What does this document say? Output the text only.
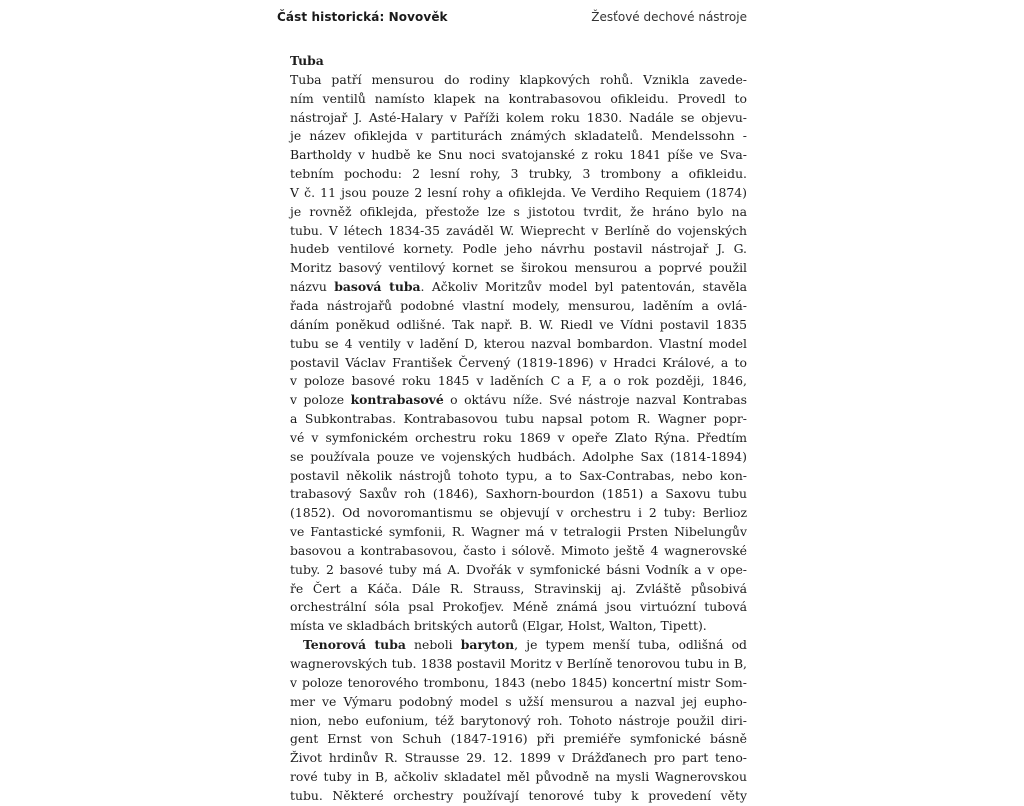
Část historická: Novověk	Žesťové dechové nástroje
Tuba
Tuba patří mensurou do rodiny klapkových rohů. Vznikla zavede-
ním ventilů namísto klapek na kontrabasovou ofikleidu. Provedl to
nástrojař J. Asté-Halary v Paříži kolem roku 1830. Nadále se objevu-
je název ofiklejda v partiturách známých skladatelů. Mendelssohn -
Bartholdy v hudbě ke Snu noci svatojanské z roku 1841 píše ve Sva-
tebním pochodu: 2 lesní rohy, 3 trubky, 3 trombony a ofikleidu.
V č. 11 jsou pouze 2 lesní rohy a ofiklejda. Ve Verdiho Requiem (1874)
je rovněž ofiklejda, přestože lze s jistotou tvrdit, že hráno bylo na
tubu. V létech 1834-35 zaváděl W. Wieprecht v Berlíně do vojenských
hudeb ventilové kornety. Podle jeho návrhu postavil nástrojař J. G.
Moritz basový ventilový kornet se širokou mensurou a poprvé použil
názvu basová tuba. Ačkoliv Moritzův model byl patentován, stavěla
řada nástrojařů podobné vlastní modely, mensurou, laděním a ovlá-
dáním poněkud odlišné. Tak např. B. W. Riedl ve Vídni postavil 1835
tubu se 4 ventily v ladění D, kterou nazval bombardon. Vlastní model
postavil Václav František Červený (1819-1896) v Hradci Králové, a to
v poloze basové roku 1845 v laděních C a F, a o rok později, 1846,
v poloze kontrabasové o oktávu níže. Své nástroje nazval Kontrabas
a Subkontrabas. Kontrabasovou tubu napsal potom R. Wagner popr-
vé v symfonickém orchestru roku 1869 v opeře Zlato Rýna. Předtím
se používala pouze ve vojenských hudbách. Adolphe Sax (1814-1894)
postavil několik nástrojů tohoto typu, a to Sax-Contrabas, nebo kon-
trabasový Saxův roh (1846), Saxhorn-bourdon (1851) a Saxovu tubu
(1852). Od novoromantismu se objevují v orchestru i 2 tuby: Berlioz
ve Fantastické symfonii, R. Wagner má v tetralogii Prsten Nibelungův
basovou a kontrabasovou, často i sólově. Mimoto ještě 4 wagnerovské
tuby. 2 basové tuby má A. Dvořák v symfonické básni Vodník a v ope-
ře Čert a Káča. Dále R. Strauss, Stravinskij aj. Zvláště působivá
orchestrální sóla psal Prokofjev. Méně známá jsou virtuózní tubová
místa ve skladbách britských autorů (Elgar, Holst, Walton, Tipett).
Tenorová tuba neboli baryton, je typem menší tuba, odlišná od
wagnerovských tub. 1838 postavil Moritz v Berlíně tenorovou tubu in B,
v poloze tenorového trombonu, 1843 (nebo 1845) koncertní mistr Som-
mer ve Výmaru podobný model s užší mensurou a nazval jej eupho-
nion, nebo eufonium, též barytonový roh. Tohoto nástroje použil diri-
gent Ernst von Schuh (1847-1916) při premiéře symfonické básně
Život hrdinův R. Strausse 29. 12. 1899 v Drážďanech pro part teno-
rové tuby in B, ačkoliv skladatel měl původně na mysli Wagnerovskou
tubu. Některé orchestry používají tenorové tuby k provedení věty
